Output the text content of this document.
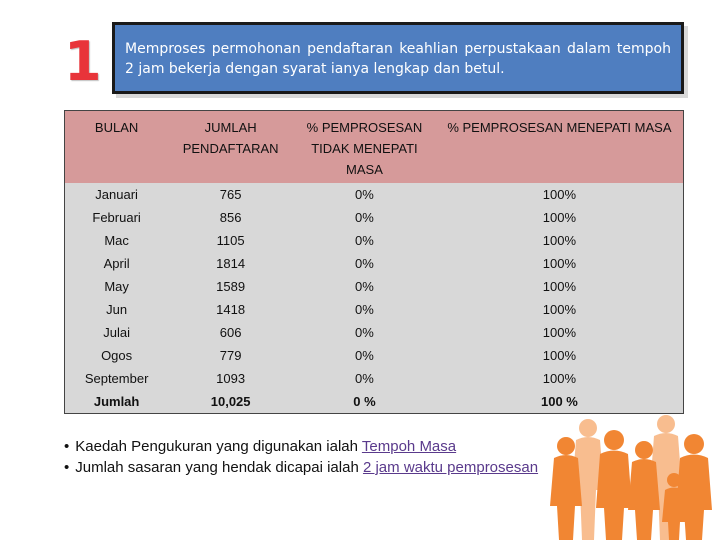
1	Memproses permohonan pendaftaran keahlian perpustakaan dalam tempoh 2 jam bekerja dengan syarat ianya lengkap dan betul.
BULAN	JUMLAH PENDAFTARAN	% PEMPROSESAN TIDAK MENEPATI MASA	% PEMPROSESAN MENEPATI MASA
Januari	765	0%	100%
Februari	856	0%	100%
Mac	1105	0%	100%
April	1814	0%	100%
May	1589	0%	100%
Jun	1418	0%	100%
Julai	606	0%	100%
Ogos	779	0%	100%
September	1093	0%	100%
Jumlah	10,025	0 %	100 %
• Kaedah Pengukuran yang digunakan ialah Tempoh Masa
• Jumlah sasaran yang hendak dicapai ialah 2 jam waktu pemprosesan
